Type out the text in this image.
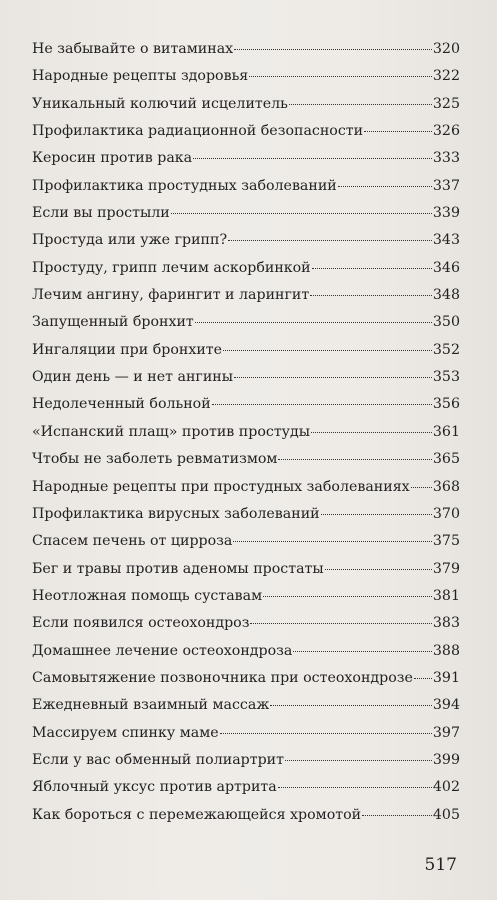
Не забывайте о витаминах	320
Народные рецепты здоровья	322
Уникальный колючий исцелитель	325
Профилактика радиационной безопасности	326
Керосин против рака	333
Профилактика простудных заболеваний	337
Если вы простыли	339
Простуда или уже грипп?	343
Простуду, грипп лечим аскорбинкой	346
Лечим ангину, фарингит и ларингит	348
Запущенный бронхит	350
Ингаляции при бронхите	352
Один день — и нет ангины	353
Недолеченный больной	356
«Испанский плащ» против простуды	361
Чтобы не заболеть ревматизмом	365
Народные рецепты при простудных заболеваниях 368
Профилактика вирусных заболеваний	370
Спасем печень от цирроза	375
Бег и травы против аденомы простаты	379
Неотложная помощь суставам	381
Если появился остеохондроз	383
Домашнее лечение остеохондроза	388
Самовытяжение позвоночника при остеохондрозе 391
Ежедневный взаимный массаж	394
Массируем спинку маме	397
Если у вас обменный полиартрит	399
Яблочный уксус против артрита	402
Как бороться с перемежающейся хромотой	405
517
